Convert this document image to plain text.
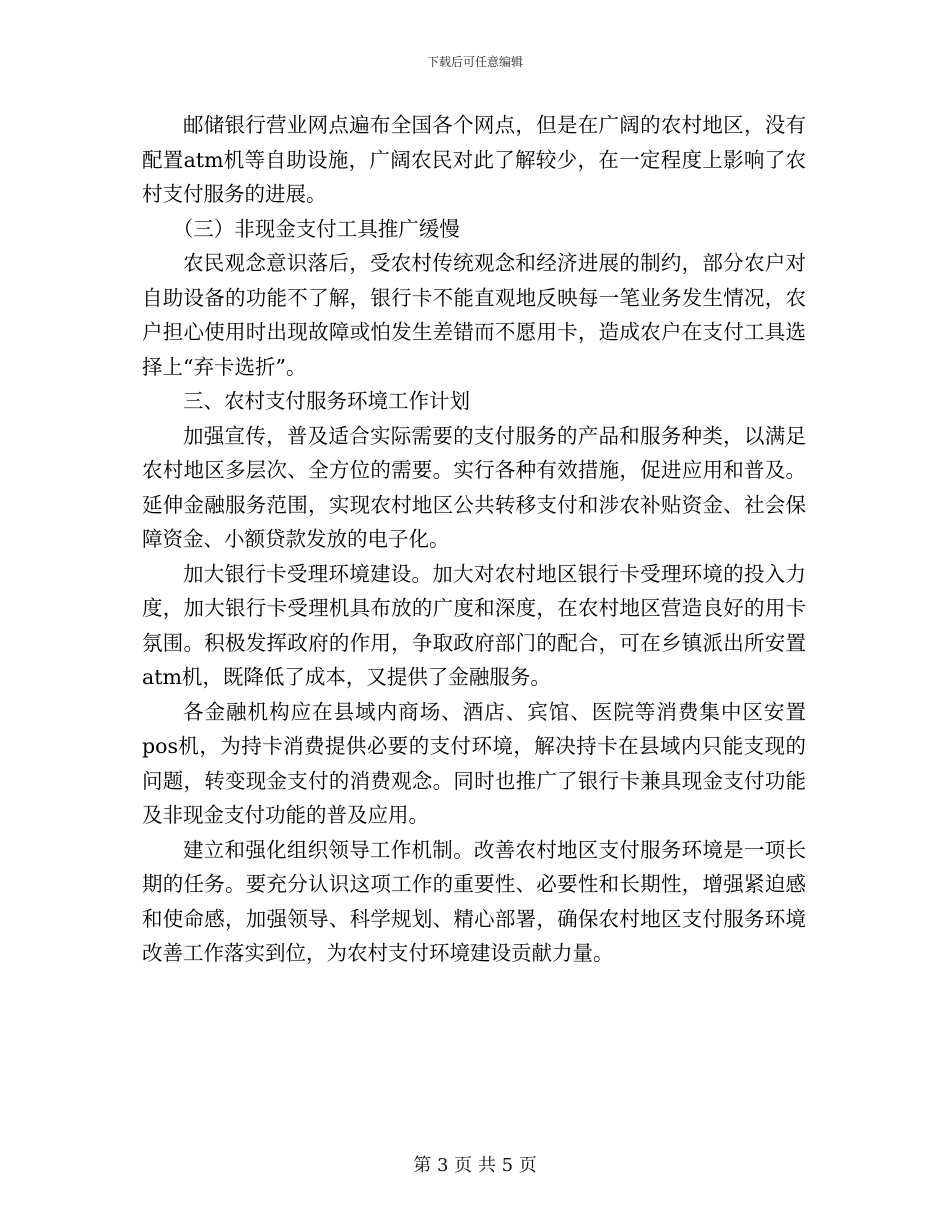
下载后可任意编辑

邮储银行营业网点遍布全国各个网点，但是在广阔的农村地区，没有配置atm机等自助设施，广阔农民对此了解较少，在一定程度上影响了农村支付服务的进展。

（三）非现金支付工具推广缓慢

农民观念意识落后，受农村传统观念和经济进展的制约，部分农户对自助设备的功能不了解，银行卡不能直观地反映每一笔业务发生情况，农户担心使用时出现故障或怕发生差错而不愿用卡，造成农户在支付工具选择上“弃卡选折”。

三、农村支付服务环境工作计划

加强宣传，普及适合实际需要的支付服务的产品和服务种类，以满足农村地区多层次、全方位的需要。实行各种有效措施，促进应用和普及。延伸金融服务范围，实现农村地区公共转移支付和涉农补贴资金、社会保障资金、小额贷款发放的电子化。

加大银行卡受理环境建设。加大对农村地区银行卡受理环境的投入力度，加大银行卡受理机具布放的广度和深度，在农村地区营造良好的用卡氛围。积极发挥政府的作用，争取政府部门的配合，可在乡镇派出所安置atm机，既降低了成本，又提供了金融服务。

各金融机构应在县域内商场、酒店、宾馆、医院等消费集中区安置pos机，为持卡消费提供必要的支付环境，解决持卡在县域内只能支现的问题，转变现金支付的消费观念。同时也推广了银行卡兼具现金支付功能及非现金支付功能的普及应用。

建立和强化组织领导工作机制。改善农村地区支付服务环境是一项长期的任务。要充分认识这项工作的重要性、必要性和长期性，增强紧迫感和使命感，加强领导、科学规划、精心部署，确保农村地区支付服务环境改善工作落实到位，为农村支付环境建设贡献力量。

第 3 页 共 5 页
